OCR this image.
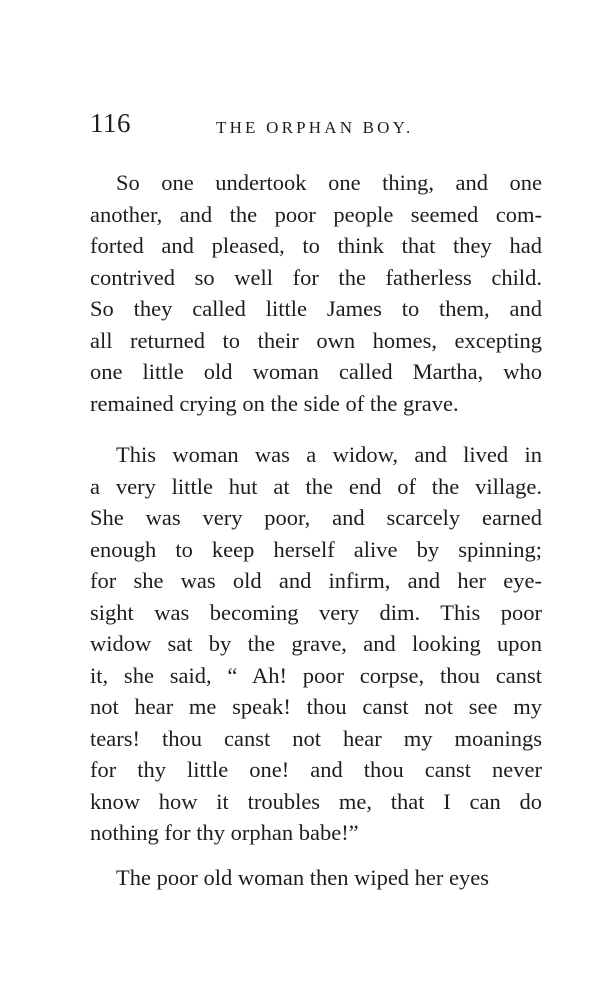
116	THE ORPHAN BOY.
So one undertook one thing, and one
another, and the poor people seemed com-
forted and pleased, to think that they had
contrived so well for the fatherless child.
So they called little James to them, and
all returned to their own homes, excepting
one little old woman called Martha, who
remained crying on the side of the grave.
This woman was a widow, and lived in
a very little hut at the end of the village.
She was very poor, and scarcely earned
enough to keep herself alive by spinning;
for she was old and infirm, and her eye-
sight was becoming very dim. This poor
widow sat by the grave, and looking upon
it, she said, “ Ah! poor corpse, thou canst
not hear me speak! thou canst not see my
tears! thou canst not hear my moanings
for thy little one! and thou canst never
know how it troubles me, that I can do
nothing for thy orphan babe!”
The poor old woman then wiped her eyes
